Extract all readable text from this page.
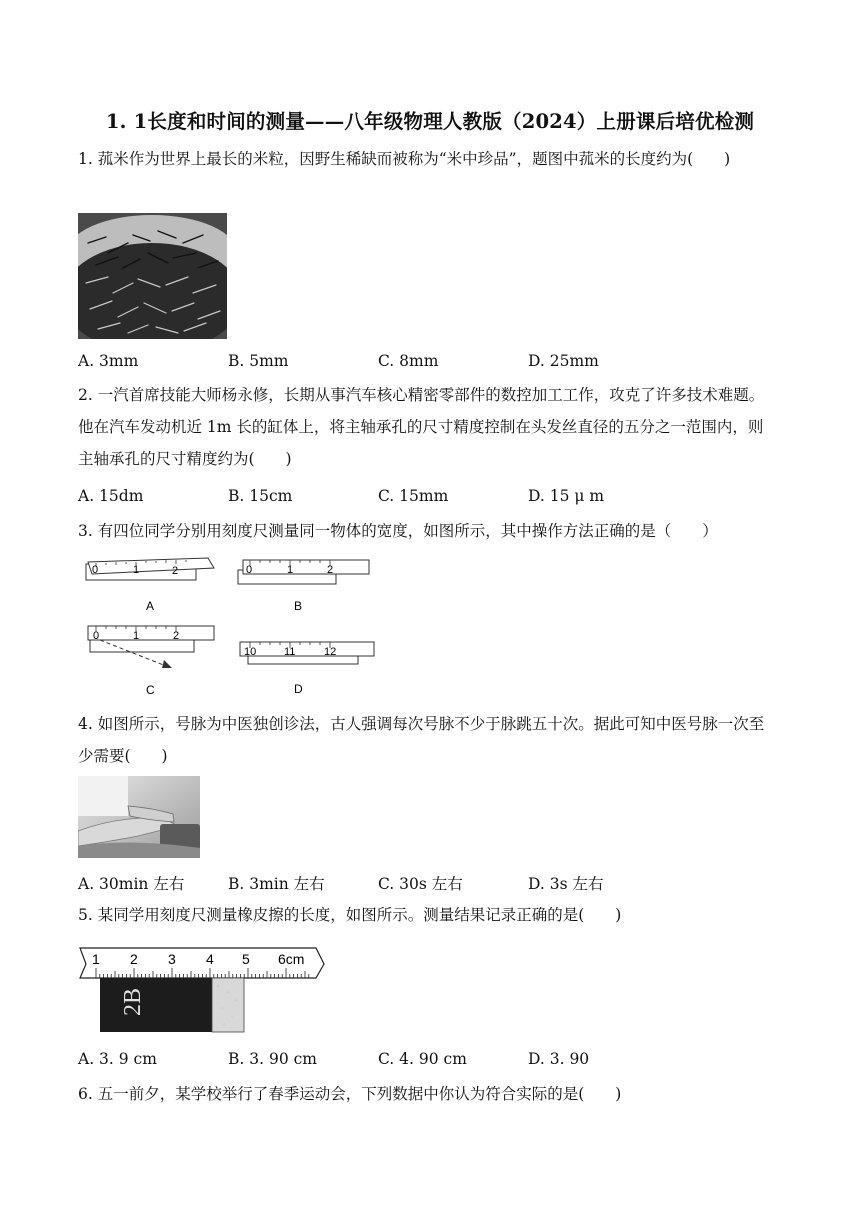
1. 1长度和时间的测量——八年级物理人教版（2024）上册课后培优检测
1. 菰米作为世界上最长的米粒，因野生稀缺而被称为“米中珍品”，题图中菰米的长度约为(　　)
A. 3mm	B. 5mm	C. 8mm	D. 25mm
2. 一汽首席技能大师杨永修，长期从事汽车核心精密零部件的数控加工工作，攻克了许多技术难题。他在汽车发动机近 1m 长的缸体上，将主轴承孔的尺寸精度控制在头发丝直径的五分之一范围内，则主轴承孔的尺寸精度约为(　　)
A. 15dm	B. 15cm	C. 15mm	D. 15 μ m
3. 有四位同学分别用刻度尺测量同一物体的宽度，如图所示，其中操作方法正确的是（　　）
0	1	2
A
0	1	2
B
0	1	2
C
10	11	12
D
4. 如图所示，号脉为中医独创诊法，古人强调每次号脉不少于脉跳五十次。据此可知中医号脉一次至少需要(　　)
A. 30min 左右	B. 3min 左右	C. 30s 左右	D. 3s 左右
5. 某同学用刻度尺测量橡皮擦的长度，如图所示。测量结果记录正确的是(　　)
1 2 3 4 5 6cm
2B
A. 3. 9 cm	B. 3. 90 cm	C. 4. 90 cm	D. 3. 90
6. 五一前夕，某学校举行了春季运动会，下列数据中你认为符合实际的是(　　)
